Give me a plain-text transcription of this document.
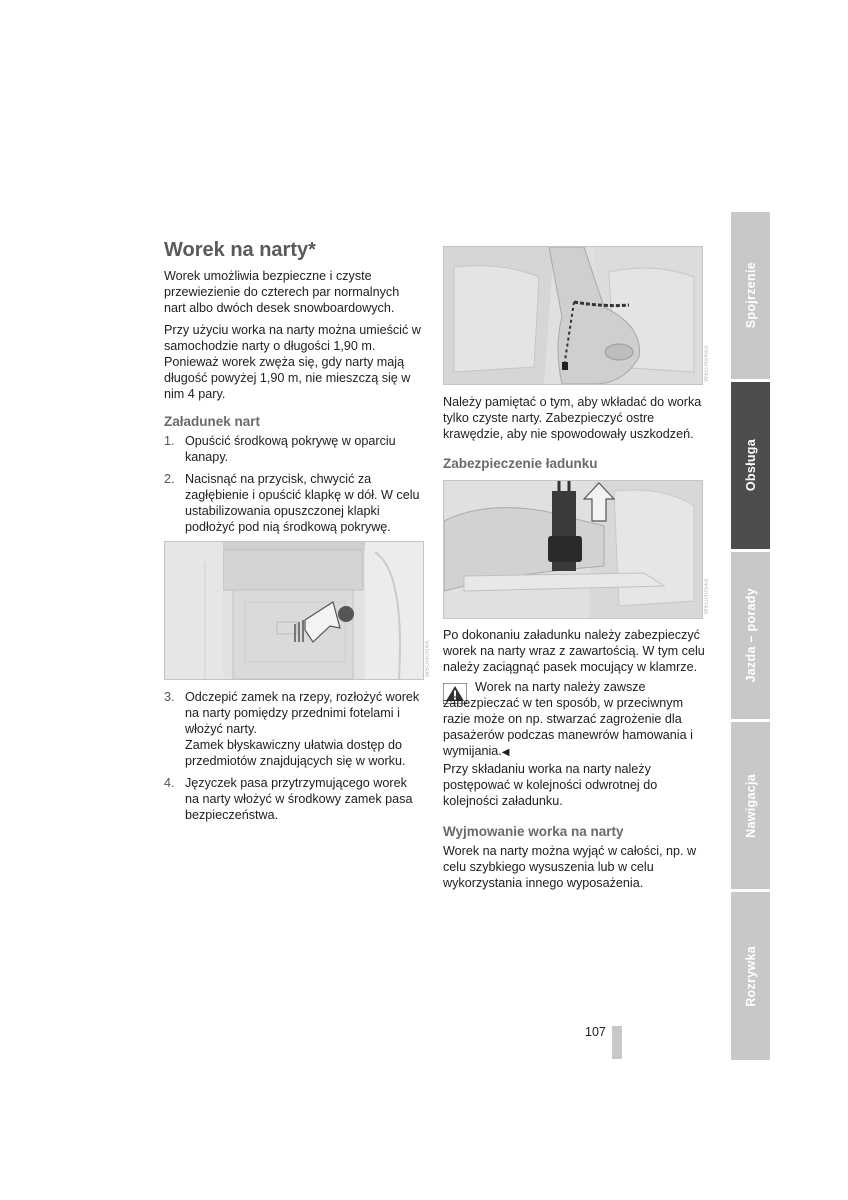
Worek na narty*

Worek umożliwia bezpieczne i czyste przewiezienie do czterech par normalnych nart albo dwóch desek snowboardowych.

Przy użyciu worka na narty można umieścić w samochodzie narty o długości 1,90 m. Ponieważ worek zwęża się, gdy narty mają długość powyżej 1,90 m, nie mieszczą się w nim 4 pary.

Załadunek nart
1. Opuścić środkową pokrywę w oparciu kanapy.
2. Nacisnąć na przycisk, chwycić za zagłębienie i opuścić klapkę w dół. W celu ustabilizowania opuszczonej klapki podłożyć pod nią środkową pokrywę.
W6GH0N4A
3. Odczepić zamek na rzepy, rozłożyć worek na narty pomiędzy przednimi fotelami i włożyć narty.
Zamek błyskawiczny ułatwia dostęp do przedmiotów znajdujących się w worku.
4. Języczek pasa przytrzymującego worek na narty włożyć w środkowy zamek pasa bezpieczeństwa.
W6GH04BA

Należy pamiętać o tym, aby wkładać do worka tylko czyste narty. Zabezpieczyć ostre krawędzie, aby nie spowodowały uszkodzeń.

Zabezpieczenie ładunku
W6GH054A

Po dokonaniu załadunku należy zabezpieczyć worek na narty wraz z zawartością. W tym celu należy zaciągnąć pasek mocujący w klamrze.

Worek na narty należy zawsze zabezpieczać w ten sposób, w przeciwnym razie może on np. stwarzać zagrożenie dla pasażerów podczas manewrów hamowania i wymijania.◀

Przy składaniu worka na narty należy postępować w kolejności odwrotnej do kolejności załadunku.

Wyjmowanie worka na narty

Worek na narty można wyjąć w całości, np. w celu szybkiego wysuszenia lub w celu wykorzystania innego wyposażenia.

107
Spojrzenie
Obsługa
Jazda – porady
Nawigacja
Rozrywka
